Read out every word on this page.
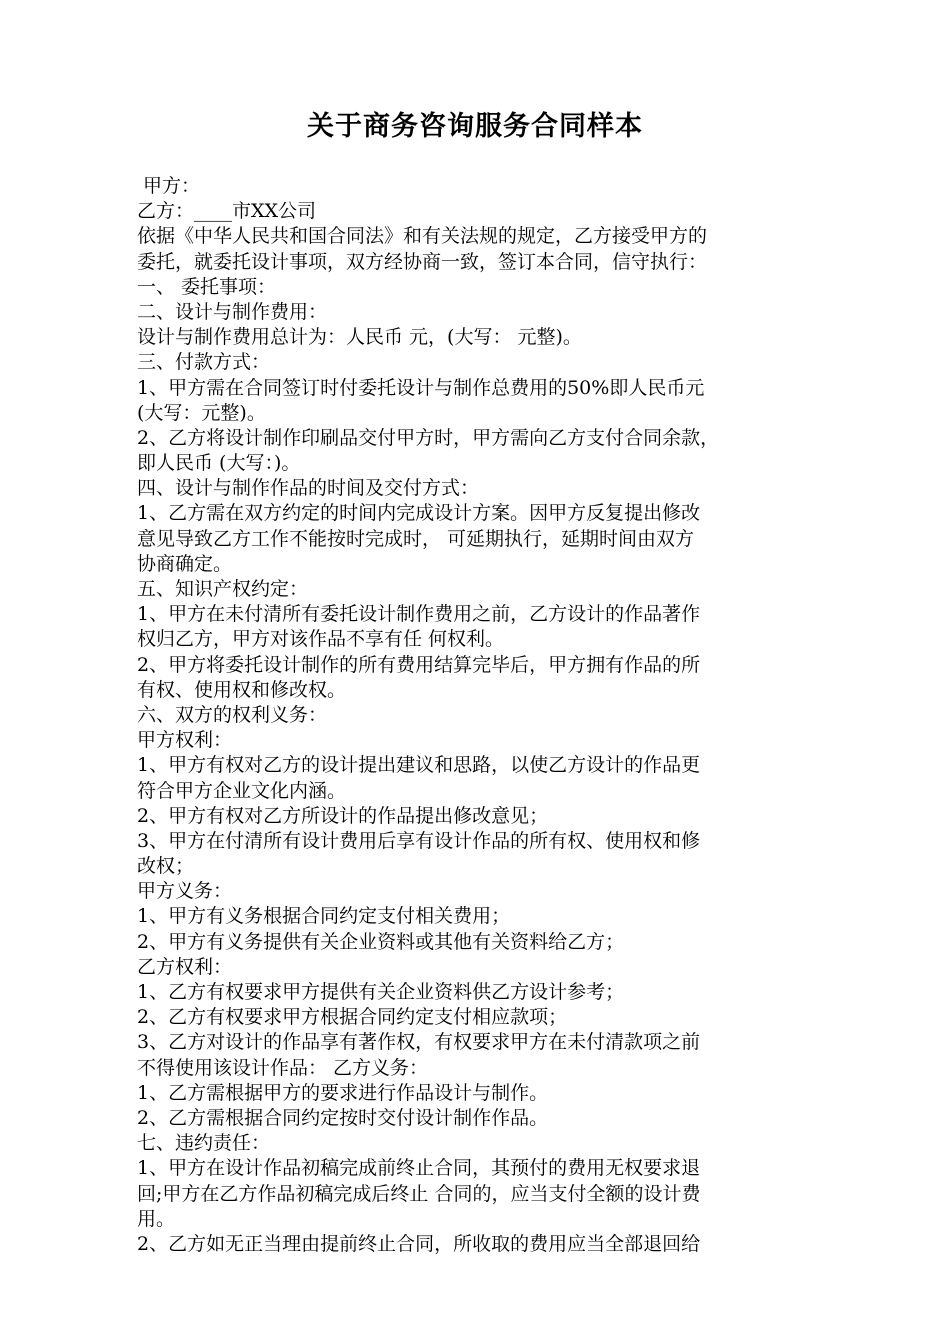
关于商务咨询服务合同样本
甲方：
乙方：____市XX公司
依据《中华人民共和国合同法》和有关法规的规定，乙方接受甲方的
委托，就委托设计事项，双方经协商一致，签订本合同，信守执行：
一、 委托事项：
二、设计与制作费用：
设计与制作费用总计为：人民币 元，(大写： 元整)。
三、付款方式：
1、甲方需在合同签订时付委托设计与制作总费用的50%即人民币元
(大写：元整)。
2、乙方将设计制作印刷品交付甲方时，甲方需向乙方支付合同余款，
即人民币 (大写：)。
四、设计与制作作品的时间及交付方式：
1、乙方需在双方约定的时间内完成设计方案。因甲方反复提出修改
意见导致乙方工作不能按时完成时， 可延期执行，延期时间由双方
协商确定。
五、知识产权约定：
1、甲方在未付清所有委托设计制作费用之前，乙方设计的作品著作
权归乙方，甲方对该作品不享有任 何权利。
2、甲方将委托设计制作的所有费用结算完毕后，甲方拥有作品的所
有权、使用权和修改权。
六、双方的权利义务：
甲方权利：
1、甲方有权对乙方的设计提出建议和思路，以使乙方设计的作品更
符合甲方企业文化内涵。
2、甲方有权对乙方所设计的作品提出修改意见；
3、甲方在付清所有设计费用后享有设计作品的所有权、使用权和修
改权；
甲方义务：
1、甲方有义务根据合同约定支付相关费用；
2、甲方有义务提供有关企业资料或其他有关资料给乙方；
乙方权利：
1、乙方有权要求甲方提供有关企业资料供乙方设计参考；
2、乙方有权要求甲方根据合同约定支付相应款项；
3、乙方对设计的作品享有著作权，有权要求甲方在未付清款项之前
不得使用该设计作品： 乙方义务：
1、乙方需根据甲方的要求进行作品设计与制作。
2、乙方需根据合同约定按时交付设计制作作品。
七、违约责任：
1、甲方在设计作品初稿完成前终止合同，其预付的费用无权要求退
回;甲方在乙方作品初稿完成后终止 合同的，应当支付全额的设计费
用。
2、乙方如无正当理由提前终止合同，所收取的费用应当全部退回给
